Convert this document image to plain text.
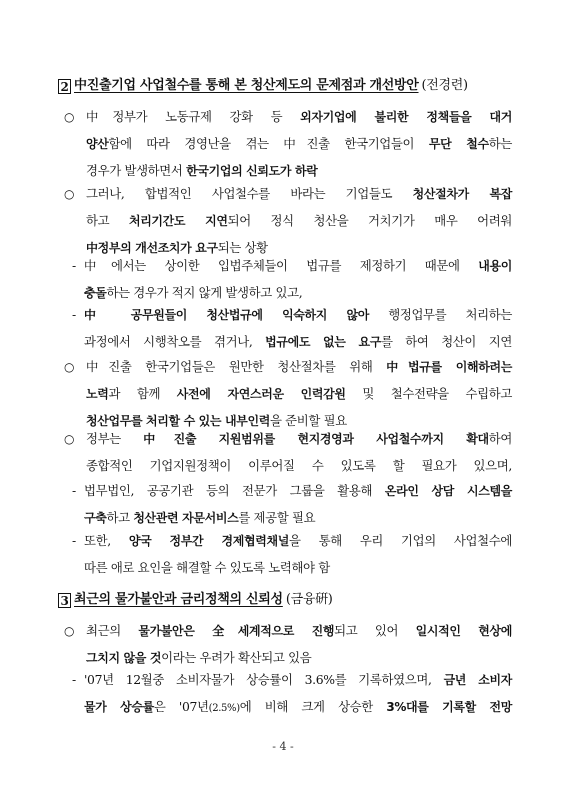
2 中진출기업 사업철수를 통해 본 청산제도의 문제점과 개선방안 (전경련)
○ 中정부가 노동규제 강화 등 외자기업에 불리한 정책들을 대거
양산함에 따라 경영난을 겪는 中진출 한국기업들이 무단 철수하는
경우가 발생하면서 한국기업의 신뢰도가 하락
○ 그러나, 합법적인 사업철수를 바라는 기업들도 청산절차가 복잡
하고 처리기간도 지연되어 정식 청산을 거치기가 매우 어려워
中정부의 개선조치가 요구되는 상황
- 中에서는 상이한 입법주체들이 법규를 제정하기 때문에 내용이
충돌하는 경우가 적지 않게 발생하고 있고,
- 中 공무원들이 청산법규에 익숙하지 않아 행정업무를 처리하는
과정에서 시행착오를 겪거나, 법규에도 없는 요구를 하여 청산이 지연
○ 中진출 한국기업들은 원만한 청산절차를 위해 中법규를 이해하려는
노력과 함께 사전에 자연스러운 인력감원 및 철수전략을 수립하고
청산업무를 처리할 수 있는 내부인력을 준비할 필요
○ 정부는 中진출 지원범위를 현지경영과 사업철수까지 확대하여
종합적인 기업지원정책이 이루어질 수 있도록 할 필요가 있으며,
- 법무법인, 공공기관 등의 전문가 그룹을 활용해 온라인 상담 시스템을
구축하고 청산관련 자문서비스를 제공할 필요
- 또한, 양국 정부간 경제협력채널을 통해 우리 기업의 사업철수에
따른 애로 요인을 해결할 수 있도록 노력해야 함
3 최근의 물가불안과 금리정책의 신뢰성 (금융硏)
○ 최근의 물가불안은 全세계적으로 진행되고 있어 일시적인 현상에
그치지 않을 것이라는 우려가 확산되고 있음
- '07년 12월중 소비자물가 상승률이 3.6%를 기록하였으며, 금년 소비자
물가 상승률은 '07년(2.5%)에 비해 크게 상승한 3%대를 기록할 전망
- 4 -
